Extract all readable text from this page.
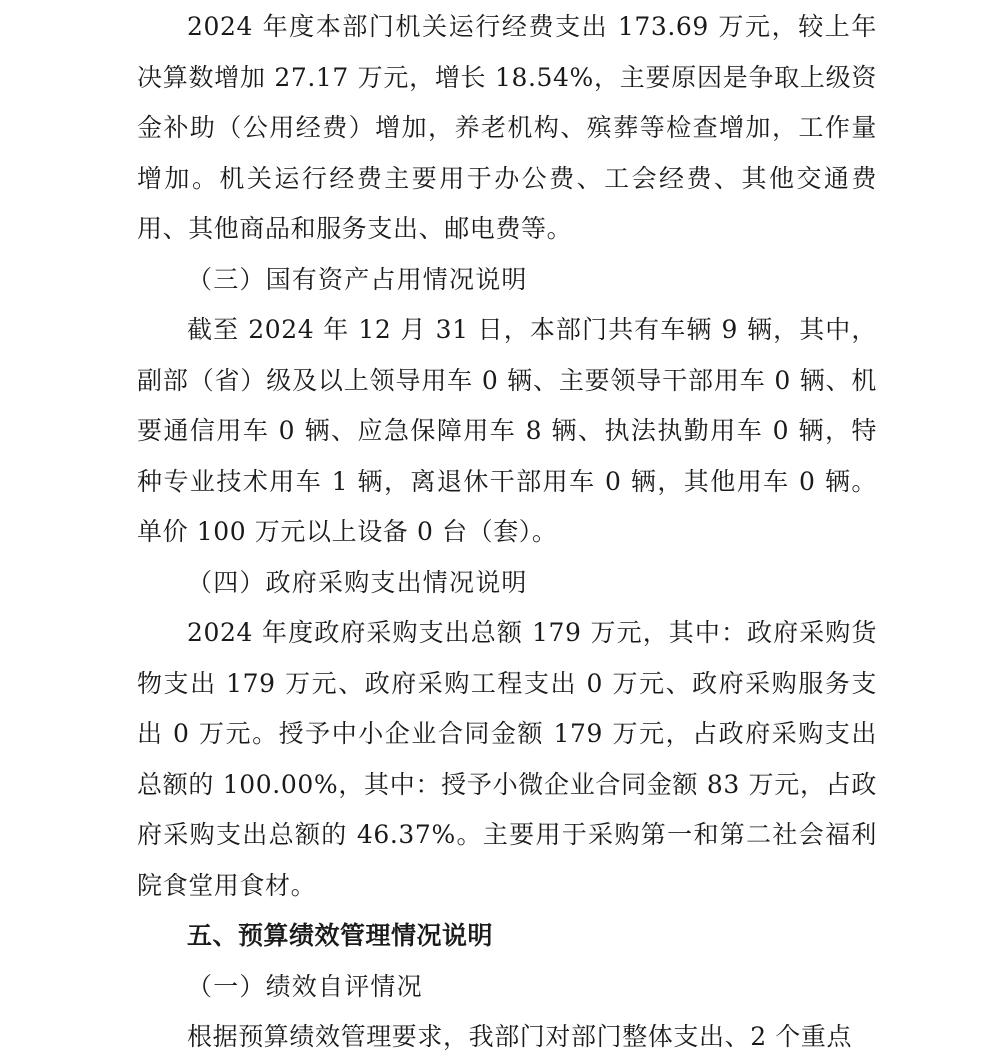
2024 年度本部门机关运行经费支出 173.69 万元，较上年决算数增加 27.17 万元，增长 18.54%，主要原因是争取上级资金补助（公用经费）增加，养老机构、殡葬等检查增加，工作量增加。机关运行经费主要用于办公费、工会经费、其他交通费用、其他商品和服务支出、邮电费等。

（三）国有资产占用情况说明

截至 2024 年 12 月 31 日，本部门共有车辆 9 辆，其中，副部（省）级及以上领导用车 0 辆、主要领导干部用车 0 辆、机要通信用车 0 辆、应急保障用车 8 辆、执法执勤用车 0 辆，特种专业技术用车 1 辆，离退休干部用车 0 辆，其他用车 0 辆。单价 100 万元以上设备 0 台（套）。

（四）政府采购支出情况说明

2024 年度政府采购支出总额 179 万元，其中：政府采购货物支出 179 万元、政府采购工程支出 0 万元、政府采购服务支出 0 万元。授予中小企业合同金额 179 万元，占政府采购支出总额的 100.00%，其中：授予小微企业合同金额 83 万元，占政府采购支出总额的 46.37%。主要用于采购第一和第二社会福利院食堂用食材。

五、预算绩效管理情况说明

（一）绩效自评情况

根据预算绩效管理要求，我部门对部门整体支出、2 个重点
